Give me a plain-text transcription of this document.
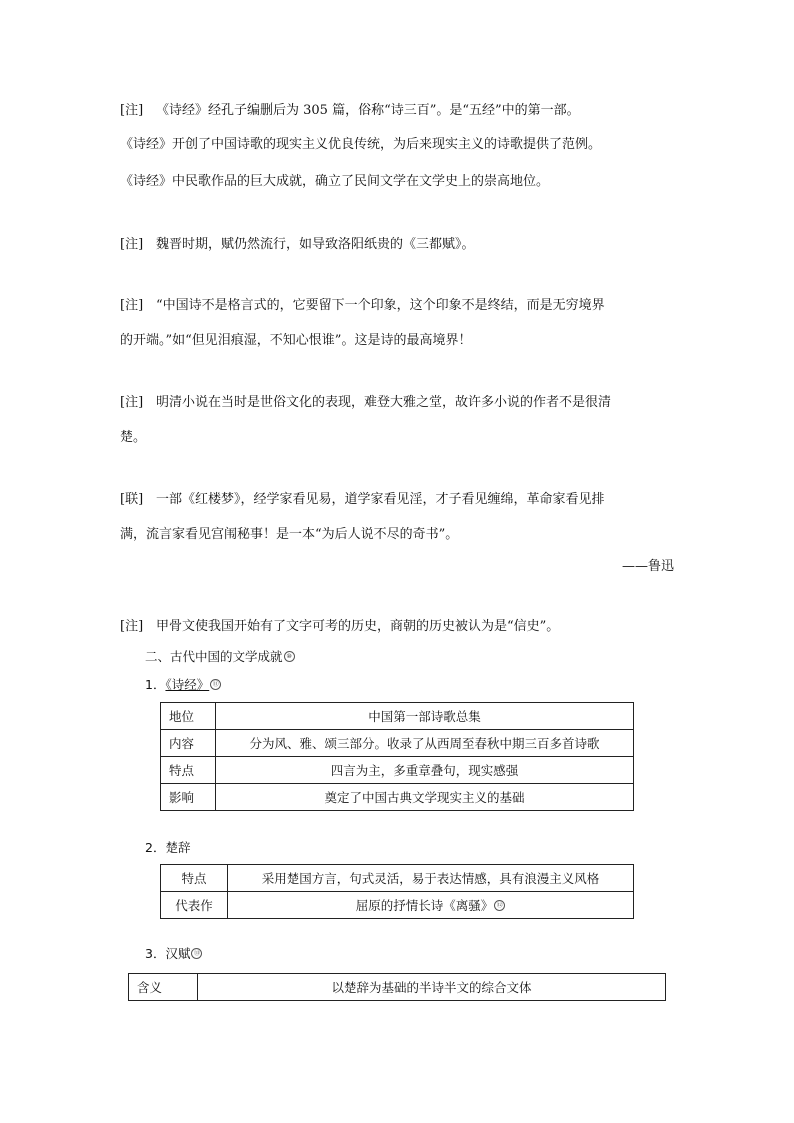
[注] 《诗经》经孔子编删后为 305 篇，俗称“诗三百”。是“五经”中的第一部。
《诗经》开创了中国诗歌的现实主义优良传统，为后来现实主义的诗歌提供了范例。
《诗经》中民歌作品的巨大成就，确立了民间文学在文学史上的崇高地位。
[注] 魏晋时期，赋仍然流行，如导致洛阳纸贵的《三都赋》。
[注] “中国诗不是格言式的，它要留下一个印象，这个印象不是终结，而是无穷境界
的开端。”如“但见泪痕湿，不知心恨谁”。这是诗的最高境界！
[注] 明清小说在当时是世俗文化的表现，难登大雅之堂，故许多小说的作者不是很清
楚。
[联] 一部《红楼梦》，经学家看见易，道学家看见淫，才子看见缠绵，革命家看见排
满，流言家看见宫闱秘事！是一本“为后人说不尽的奇书”。
——鲁迅
[注] 甲骨文使我国开始有了文字可考的历史，商朝的历史被认为是“信史”。
二、古代中国的文学成就 ⑩
1．《诗经》 ⑪
地位	中国第一部诗歌总集
内容	分为风、雅、颂三部分。收录了从西周至春秋中期三百多首诗歌
特点	四言为主，多重章叠句，现实感强
影响	奠定了中国古典文学现实主义的基础
2．楚辞
特点	采用楚国方言，句式灵活，易于表达情感，具有浪漫主义风格
代表作	屈原的抒情长诗《离骚》 ⑫
3．汉赋 ⑬
含义	以楚辞为基础的半诗半文的综合文体
